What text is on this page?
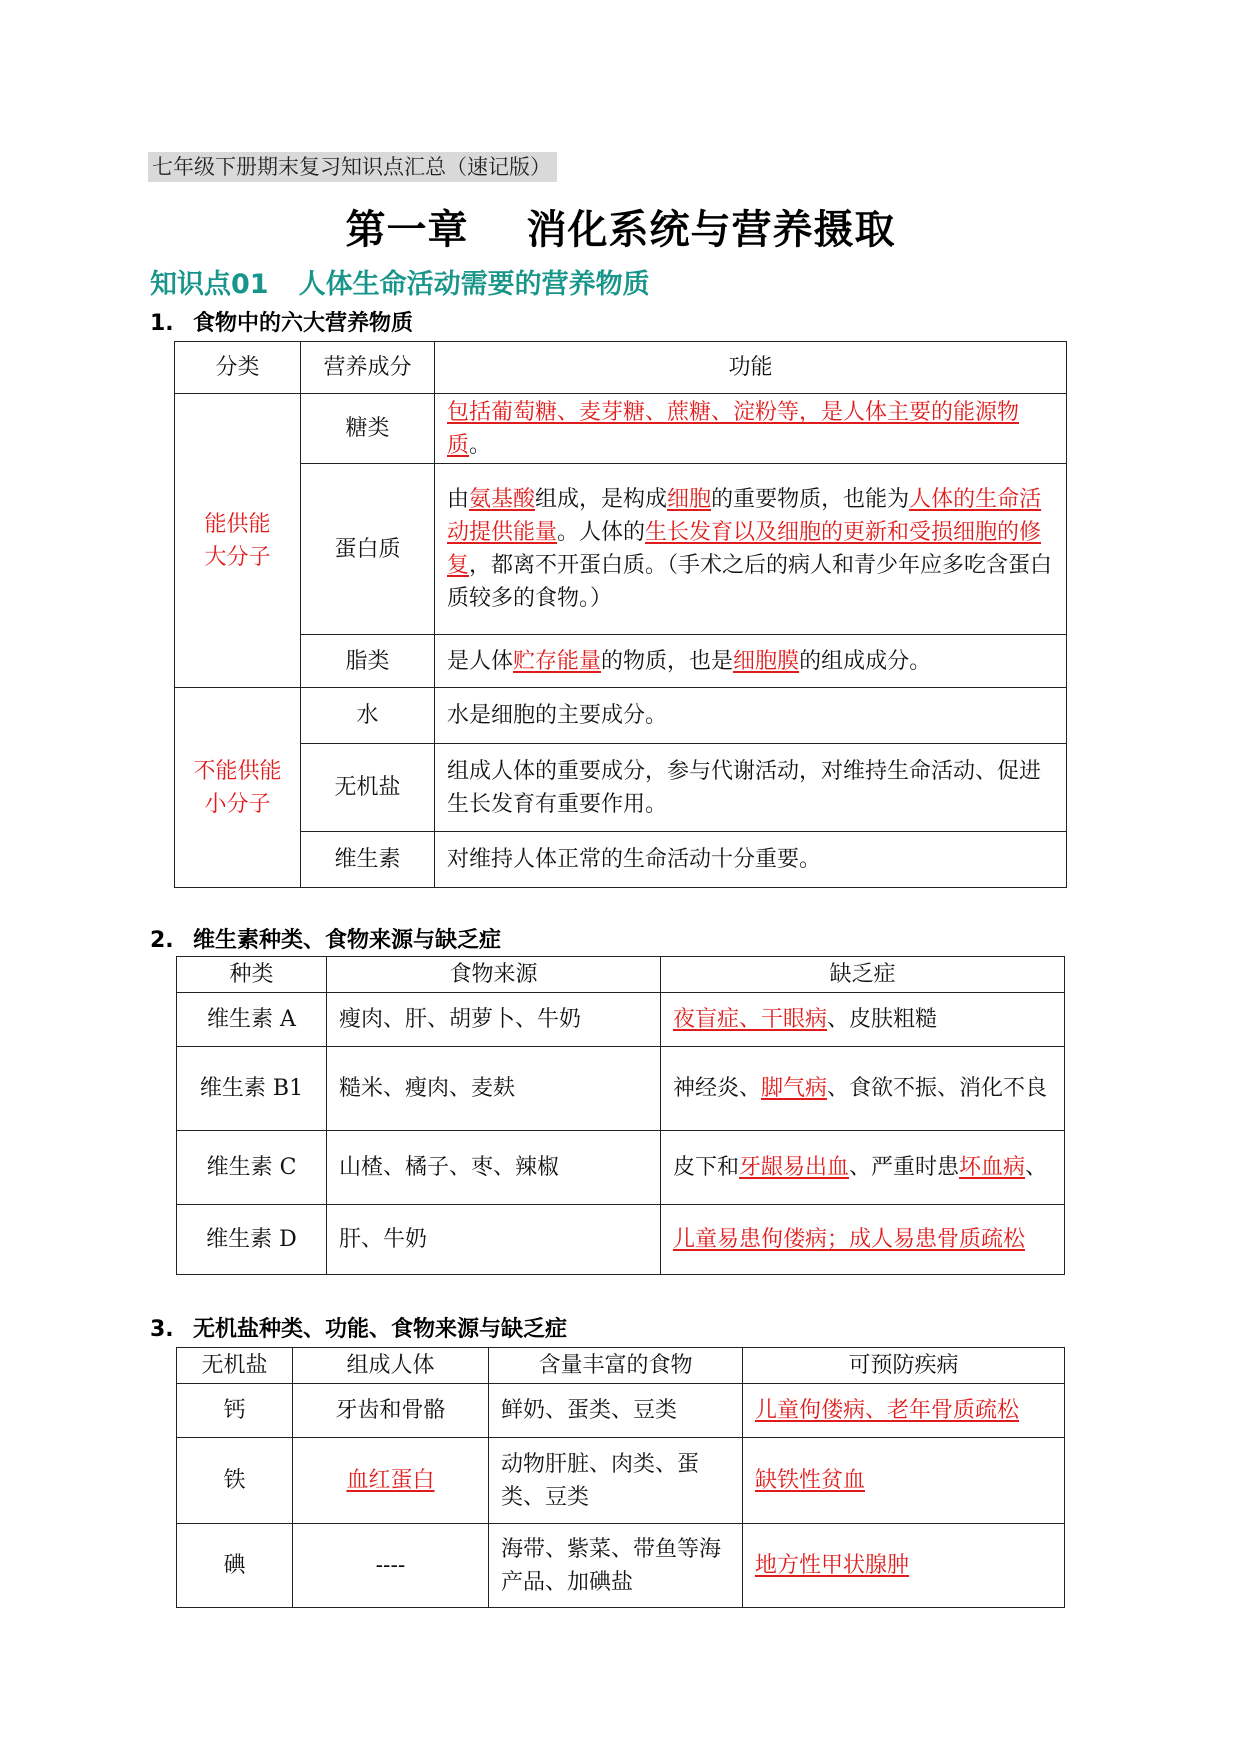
七年级下册期末复习知识点汇总（速记版）
第一章 消化系统与营养摄取
知识点01 人体生命活动需要的营养物质
1. 食物中的六大营养物质
分类	营养成分	功能
能供能
大分子	糖类	包括葡萄糖、麦芽糖、蔗糖、淀粉等，是人体主要的能源物质。
	蛋白质	由氨基酸组成，是构成细胞的重要物质，也能为人体的生命活动提供能量。人体的生长发育以及细胞的更新和受损细胞的修复，都离不开蛋白质。（手术之后的病人和青少年应多吃含蛋白质较多的食物。）
	脂类	是人体贮存能量的物质，也是细胞膜的组成成分。
不能供能
小分子	水	水是细胞的主要成分。
	无机盐	组成人体的重要成分，参与代谢活动，对维持生命活动、促进生长发育有重要作用。
	维生素	对维持人体正常的生命活动十分重要。
2. 维生素种类、食物来源与缺乏症
种类	食物来源	缺乏症
维生素 A	瘦肉、肝、胡萝卜、牛奶	夜盲症、干眼病、皮肤粗糙
维生素 B1	糙米、瘦肉、麦麸	神经炎、脚气病、食欲不振、消化不良
维生素 C	山楂、橘子、枣、辣椒	皮下和牙龈易出血、严重时患坏血病、
维生素 D	肝、牛奶	儿童易患佝偻病；成人易患骨质疏松
3. 无机盐种类、功能、食物来源与缺乏症
无机盐	组成人体	含量丰富的食物	可预防疾病
钙	牙齿和骨骼	鲜奶、蛋类、豆类	儿童佝偻病、老年骨质疏松
铁	血红蛋白	动物肝脏、肉类、蛋类、豆类	缺铁性贫血
碘	----	海带、紫菜、带鱼等海产品、加碘盐	地方性甲状腺肿
